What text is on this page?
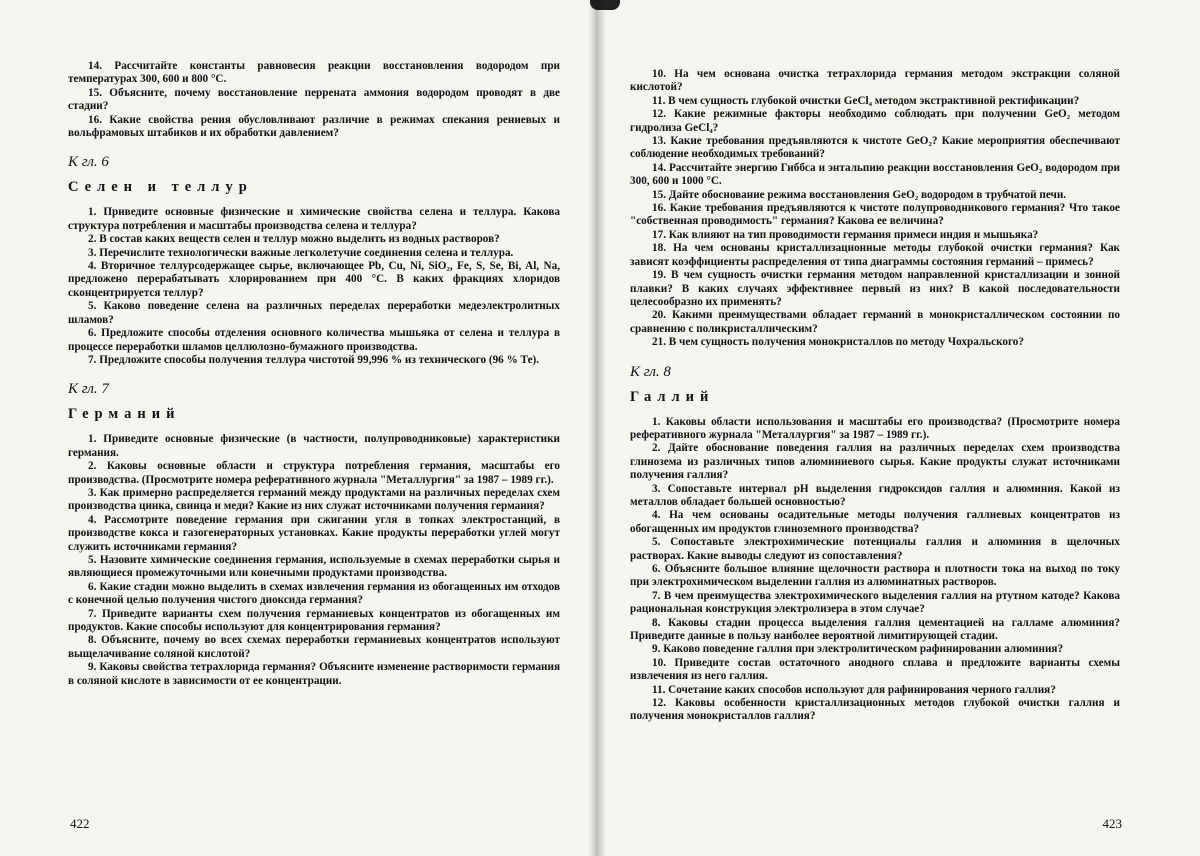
14. Рассчитайте константы равновесия реакции восстановления водородом при температурах 300, 600 и 800 °С.

15. Объясните, почему восстановление перрената аммония водородом проводят в две стадии?

16. Какие свойства рения обусловливают различие в режимах спекания рениевых и вольфрамовых штабиков и их обработки давлением?

К гл. 6
Селен и теллур

1. Приведите основные физические и химические свойства селена и теллура. Какова структура потребления и масштабы производства селена и теллура?

2. В состав каких веществ селен и теллур можно выделить из водных растворов?

3. Перечислите технологически важные легколетучие соединения селена и теллура.

4. Вторичное теллурсодержащее сырье, включающее Pb, Cu, Ni, SiO₂, Fe, S, Se, Bi, Al, Na, предложено перерабатывать хлорированием при 400 °С. В каких фракциях хлоридов сконцентрируется теллур?

5. Каково поведение селена на различных переделах переработки медеэлектролитных шламов?

6. Предложите способы отделения основного количества мышьяка от селена и теллура в процессе переработки шламов целлюлозно-бумажного производства.

7. Предложите способы получения теллура чистотой 99,996 % из технического (96 % Те).

К гл. 7
Германий

1. Приведите основные физические (в частности, полупроводниковые) характеристики германия.

2. Каковы основные области и структура потребления германия, масштабы его производства. (Просмотрите номера реферативного журнала "Металлургия" за 1987 – 1989 гг.).

3. Как примерно распределяется германий между продуктами на различных переделах схем производства цинка, свинца и меди? Какие из них служат источниками получения германия?

4. Рассмотрите поведение германия при сжигании угля в топках электростанций, в производстве кокса и газогенераторных установках. Какие продукты переработки углей могут служить источниками германия?

5. Назовите химические соединения германия, используемые в схемах переработки сырья и являющиеся промежуточными или конечными продуктами производства.

6. Какие стадии можно выделить в схемах извлечения германия из обогащенных им отходов с конечной целью получения чистого диоксида германия?

7. Приведите варианты схем получения германиевых концентратов из обогащенных им продуктов. Какие способы используют для концентрирования германия?

8. Объясните, почему во всех схемах переработки германиевых концентратов используют выщелачивание соляной кислотой?

9. Каковы свойства тетрахлорида германия? Объясните изменение растворимости германия в соляной кислоте в зависимости от ее концентрации.

422

10. На чем основана очистка тетрахлорида германия методом экстракции соляной кислотой?

11. В чем сущность глубокой очистки GeCl₄ методом экстрактивной ректификации?

12. Какие режимные факторы необходимо соблюдать при получении GeO₂ методом гидролиза GeCl₄?

13. Какие требования предъявляются к чистоте GeO₂? Какие мероприятия обеспечивают соблюдение необходимых требований?

14. Рассчитайте энергию Гиббса и энтальпию реакции восстановления GeO₂ водородом при 300, 600 и 1000 °С.

15. Дайте обоснование режима восстановления GeO₂ водородом в трубчатой печи.

16. Какие требования предъявляются к чистоте полупроводникового германия? Что такое "собственная проводимость" германия? Какова ее величина?

17. Как влияют на тип проводимости германия примеси индия и мышьяка?

18. На чем основаны кристаллизационные методы глубокой очистки германия? Как зависят коэффициенты распределения от типа диаграммы состояния германий – примесь?

19. В чем сущность очистки германия методом направленной кристаллизации и зонной плавки? В каких случаях эффективнее первый из них? В какой последовательности целесообразно их применять?

20. Какими преимуществами обладает германий в монокристаллическом состоянии по сравнению с поликристаллическим?

21. В чем сущность получения монокристаллов по методу Чохральского?

К гл. 8
Галлий

1. Каковы области использования и масштабы его производства? (Просмотрите номера реферативного журнала "Металлургия" за 1987 – 1989 гг.).

2. Дайте обоснование поведения галлия на различных переделах схем производства глинозема из различных типов алюминиевого сырья. Какие продукты служат источниками получения галлия?

3. Сопоставьте интервал pH выделения гидроксидов галлия и алюминия. Какой из металлов обладает большей основностью?

4. На чем основаны осадительные методы получения галлиевых концентратов из обогащенных им продуктов глиноземного производства?

5. Сопоставьте электрохимические потенциалы галлия и алюминия в щелочных растворах. Какие выводы следуют из сопоставления?

6. Объясните большое влияние щелочности раствора и плотности тока на выход по току при электрохимическом выделении галлия из алюминатных растворов.

7. В чем преимущества электрохимического выделения галлия на ртутном катоде? Какова рациональная конструкция электролизера в этом случае?

8. Каковы стадии процесса выделения галлия цементацией на галламе алюминия? Приведите данные в пользу наиболее вероятной лимитирующей стадии.

9. Каково поведение галлия при электролитическом рафинировании алюминия?

10. Приведите состав остаточного анодного сплава и предложите варианты схемы извлечения из него галлия.

11. Сочетание каких способов используют для рафинирования черного галлия?

12. Каковы особенности кристаллизационных методов глубокой очистки галлия и получения монокристаллов галлия?

423
